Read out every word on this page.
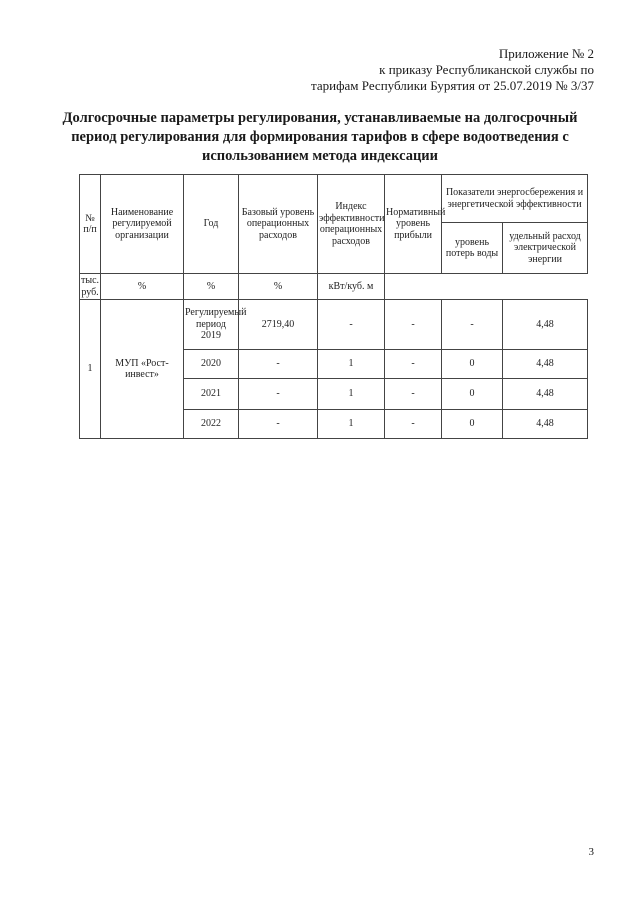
Приложение № 2
к приказу Республиканской службы по
тарифам Республики Бурятия от 25.07.2019 № 3/37
Долгосрочные параметры регулирования, устанавливаемые на долгосрочный
период регулирования для формирования тарифов в сфере водоотведения с
использованием метода индексации
№ п/п	Наименование регулируемой организации	Год	Базовый уровень операционных расходов	Индекс эффективности операционных расходов	Нормативный уровень прибыли	Показатели энергосбережения и энергетической эффективности	
						уровень потерь воды	удельный расход электрической энергии
тыс. руб.	%	%	%	кВт/куб. м			
1	МУП «Рост-инвест»	Регулируемый период 2019	2719,40	-	-	-	4,48
		2020	-	1	-	0	4,48
		2021	-	1	-	0	4,48
		2022	-	1	-	0	4,48
3
